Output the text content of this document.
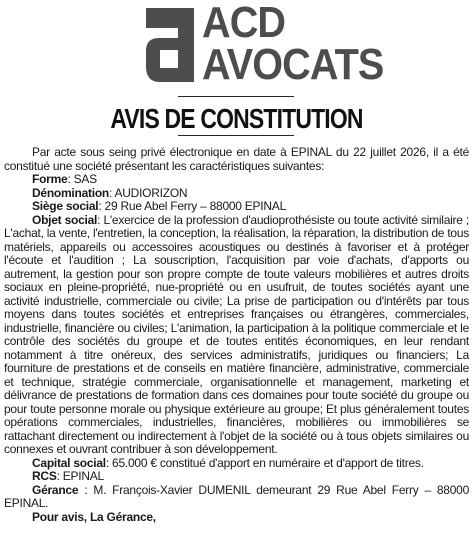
ACD
AVOCATS
AVIS DE CONSTITUTION

Par acte sous seing privé électronique en date à EPINAL du 22 juillet 2026, il a été constitué une société présentant les caractéristiques suivantes:

Forme: SAS

Dénomination: AUDIORIZON

Siège social: 29 Rue Abel Ferry – 88000 EPINAL

Objet social: L'exercice de la profession d'audioprothésiste ou toute activité similaire ; L'achat, la vente, l'entretien, la conception, la réalisation, la réparation, la distribution de tous matériels, appareils ou accessoires acoustiques ou destinés à favoriser et à protéger l'écoute et l'audition ; La souscription, l'acquisition par voie d'achats, d'apports ou autrement, la gestion pour son propre compte de toute valeurs mobilières et autres droits sociaux en pleine-propriété, nue-propriété ou en usufruit, de toutes sociétés ayant une activité industrielle, commerciale ou civile; La prise de participation ou d'intérêts par tous moyens dans toutes sociétés et entreprises françaises ou étrangères, commerciales, industrielle, financière ou civiles; L'animation, la participation à la politique commerciale et le contrôle des sociétés du groupe et de toutes entités économiques, en leur rendant notamment à titre onéreux, des services administratifs, juridiques ou financiers; La fourniture de prestations et de conseils en matière financière, administrative, commerciale et technique, stratégie commerciale, organisationnelle et management, marketing et délivrance de prestations de formation dans ces domaines pour toute société du groupe ou pour toute personne morale ou physique extérieure au groupe; Et plus généralement toutes opérations commerciales, industrielles, financières, mobilières ou immobilières se rattachant directement ou indirectement à l'objet de la société ou à tous objets similaires ou connexes et ouvrant contribuer à son développement.

Capital social: 65.000 € constitué d'apport en numéraire et d'apport de titres.

RCS: EPINAL

Gérance : M. François-Xavier DUMENIL demeurant 29 Rue Abel Ferry – 88000 EPINAL.

Pour avis, La Gérance,
